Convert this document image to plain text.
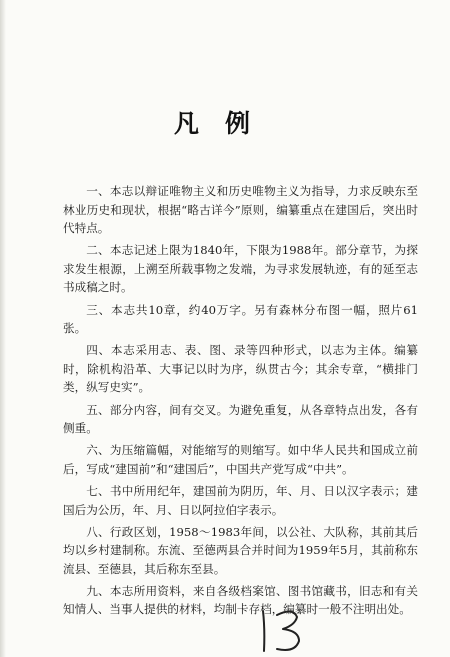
凡例

一、本志以辩证唯物主义和历史唯物主义为指导，力求反映东至林业历史和现状，根据“略古详今”原则，编纂重点在建国后，突出时代特点。

二、本志记述上限为1840年，下限为1988年。部分章节，为探求发生根源，上溯至所载事物之发端，为寻求发展轨迹，有的延至志书成稿之时。

三、本志共10章，约40万字。另有森林分布图一幅，照片61张。

四、本志采用志、表、图、录等四种形式，以志为主体。编纂时，除机构沿革、大事记以时为序，纵贯古今；其余专章，“横排门类，纵写史实”。

五、部分内容，间有交叉。为避免重复，从各章特点出发，各有侧重。

六、为压缩篇幅，对能缩写的则缩写。如中华人民共和国成立前后，写成“建国前”和“建国后”，中国共产党写成“中共”。

七、书中所用纪年，建国前为阴历，年、月、日以汉字表示；建国后为公历，年、月、日以阿拉伯字表示。

八、行政区划，1958～1983年间，以公社、大队称，其前其后均以乡村建制称。东流、至德两县合并时间为1959年5月，其前称东流县、至德县，其后称东至县。

九、本志所用资料，来自各级档案馆、图书馆藏书，旧志和有关知情人、当事人提供的材料，均制卡存档，编纂时一般不注明出处。
